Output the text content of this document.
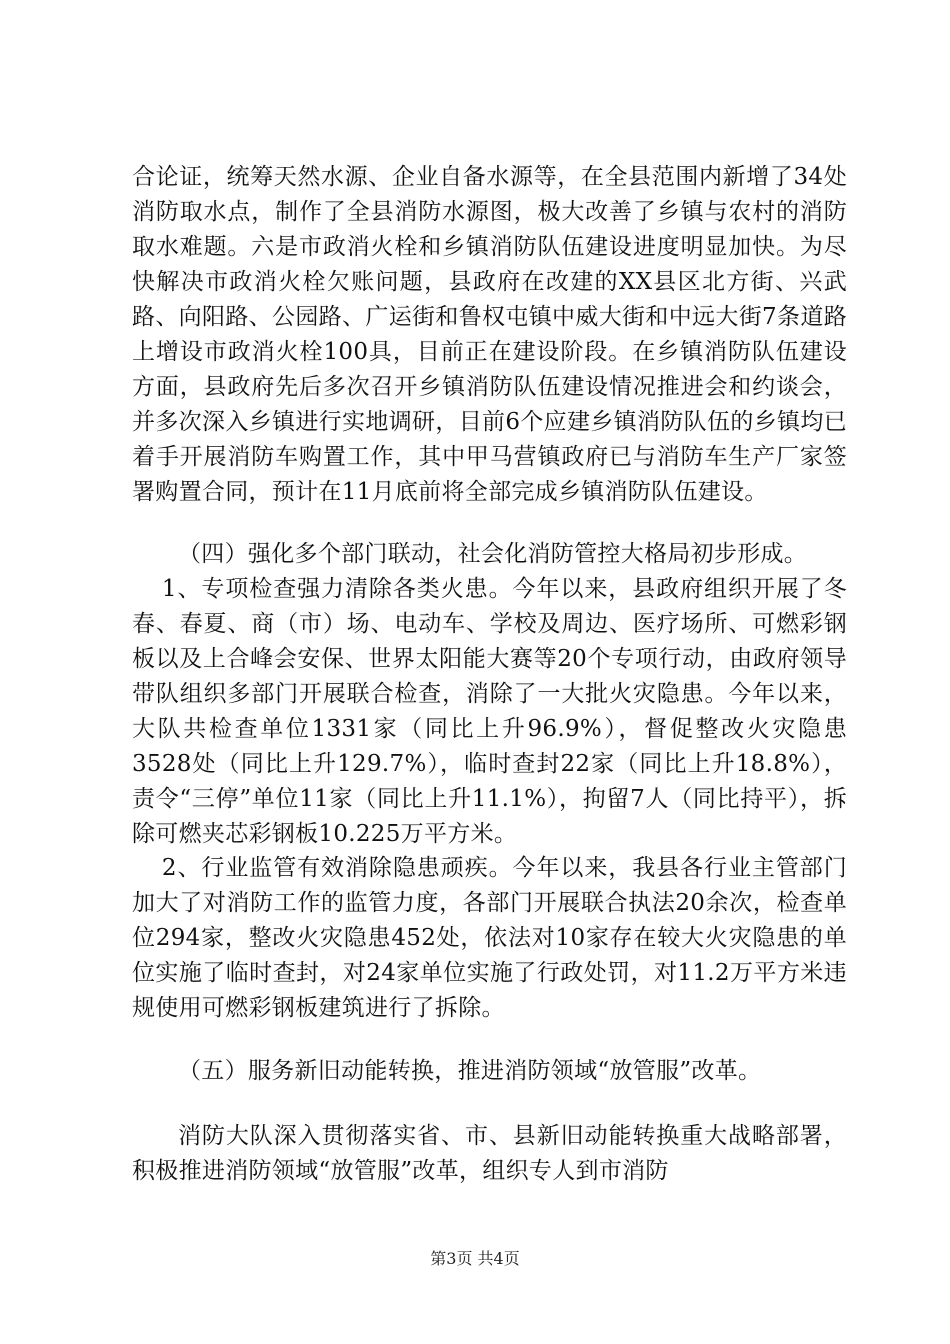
合论证，统筹天然水源、企业自备水源等，在全县范围内新增了34处消防取水点，制作了全县消防水源图，极大改善了乡镇与农村的消防取水难题。六是市政消火栓和乡镇消防队伍建设进度明显加快。为尽快解决市政消火栓欠账问题，县政府在改建的XX县区北方街、兴武路、向阳路、公园路、广运街和鲁权屯镇中威大街和中远大街7条道路上增设市政消火栓100具，目前正在建设阶段。在乡镇消防队伍建设方面，县政府先后多次召开乡镇消防队伍建设情况推进会和约谈会，并多次深入乡镇进行实地调研，目前6个应建乡镇消防队伍的乡镇均已着手开展消防车购置工作，其中甲马营镇政府已与消防车生产厂家签署购置合同，预计在11月底前将全部完成乡镇消防队伍建设。

（四）强化多个部门联动，社会化消防管控大格局初步形成。

1、专项检查强力清除各类火患。今年以来，县政府组织开展了冬春、春夏、商（市）场、电动车、学校及周边、医疗场所、可燃彩钢板以及上合峰会安保、世界太阳能大赛等20个专项行动，由政府领导带队组织多部门开展联合检查，消除了一大批火灾隐患。今年以来，大队共检查单位1331家（同比上升96.9%），督促整改火灾隐患3528处（同比上升129.7%），临时查封22家（同比上升18.8%），责令“三停”单位11家（同比上升11.1%），拘留7人（同比持平），拆除可燃夹芯彩钢板10.225万平方米。

2、行业监管有效消除隐患顽疾。今年以来，我县各行业主管部门加大了对消防工作的监管力度，各部门开展联合执法20余次，检查单位294家，整改火灾隐患452处，依法对10家存在较大火灾隐患的单位实施了临时查封，对24家单位实施了行政处罚，对11.2万平方米违规使用可燃彩钢板建筑进行了拆除。

（五）服务新旧动能转换，推进消防领域“放管服”改革。

消防大队深入贯彻落实省、市、县新旧动能转换重大战略部署，积极推进消防领域“放管服”改革，组织专人到市消防

第3页 共4页
